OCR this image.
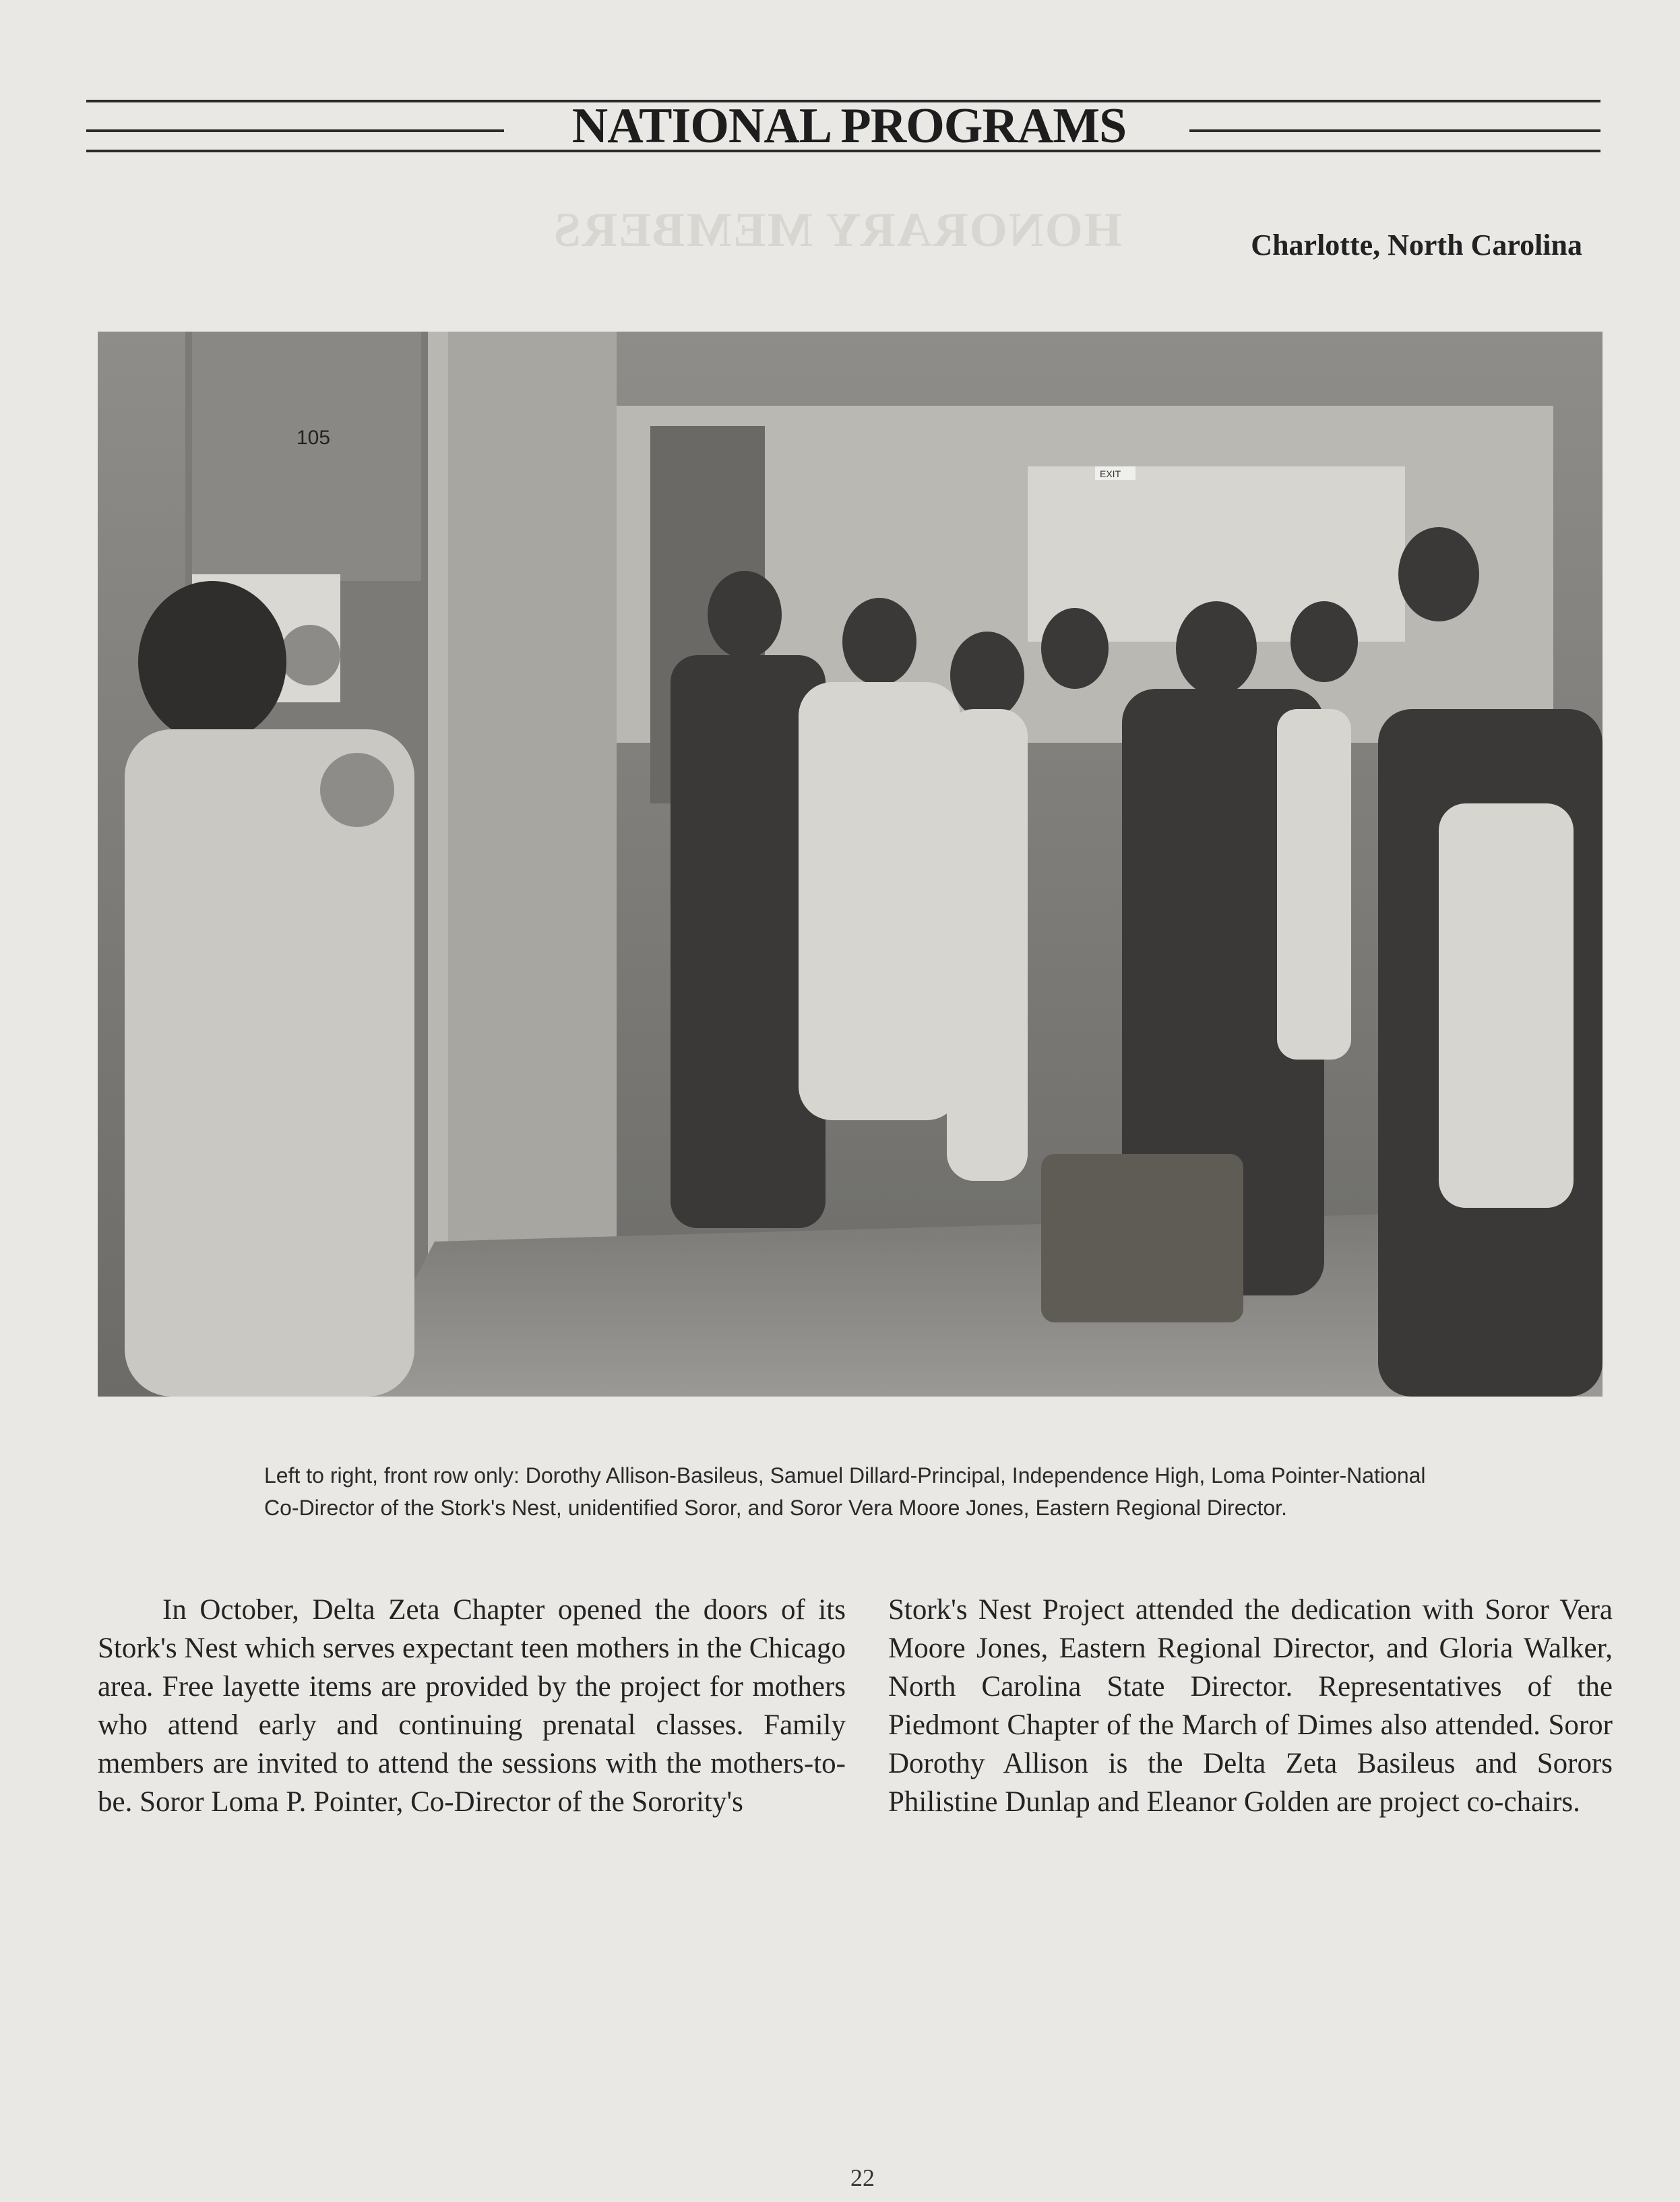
NATIONAL PROGRAMS
HONORARY MEMBERS	Charlotte, North Carolina
EXIT
105
Left to right, front row only: Dorothy Allison-Basileus, Samuel Dillard-Principal, Independence High, Loma Pointer-National Co-Director of the Stork's Nest, unidentified Soror, and Soror Vera Moore Jones, Eastern Regional Director.
In October, Delta Zeta Chapter opened the doors of its Stork's Nest which serves expectant teen mothers in the Chicago area. Free layette items are provided by the project for mothers who attend early and continuing prenatal classes. Family members are invited to attend the sessions with the mothers-to-be. Soror Loma P. Pointer, Co-Director of the Sorority's
Stork's Nest Project attended the dedication with Soror Vera Moore Jones, Eastern Regional Director, and Gloria Walker, North Carolina State Director. Representatives of the Piedmont Chapter of the March of Dimes also attended. Soror Dorothy Allison is the Delta Zeta Basileus and Sorors Philistine Dunlap and Eleanor Golden are project co-chairs.
22
